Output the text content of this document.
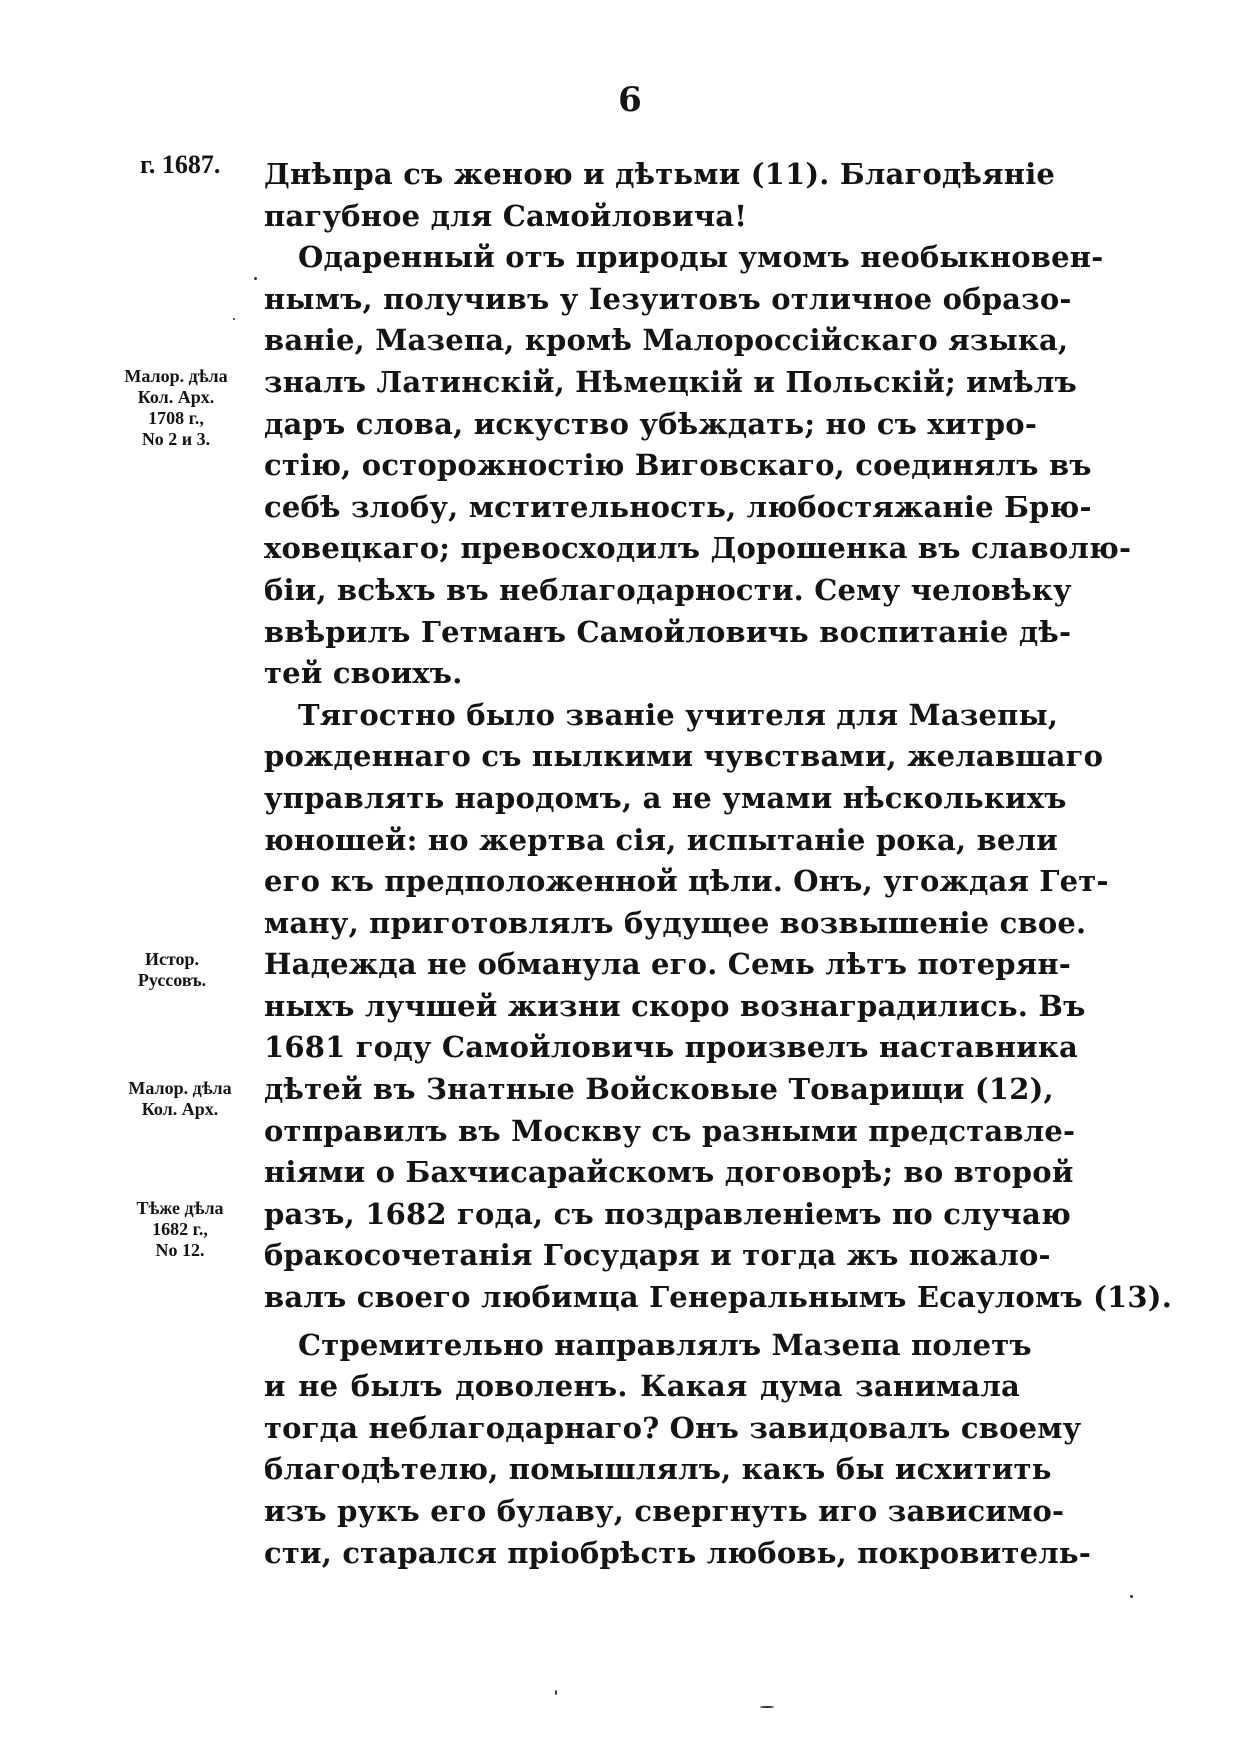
6
г. 1687.
Малор. дѣла
Кол. Арх.
1708 г.,
No 2 и 3.
Истор.
Руссовъ.
Малор. дѣла
Кол. Арх.
Тѣже дѣла
1682 г.,
No 12.
Днѣпра съ женою и дѣтьми (11). Благодѣяніе
пагубное для Самойловича!
Одаренный отъ природы умомъ необыкновен-
нымъ, получивъ у Іезуитовъ отличное образо-
ваніе, Мазепа, кромѣ Малороссійскаго языка,
зналъ Латинскій, Нѣмецкій и Польскій; имѣлъ
даръ слова, искуство убѣждать; но съ хитро-
стію, осторожностію Виговскаго, соединялъ въ
себѣ злобу, мстительность, любостяжаніе Брю-
ховецкаго; превосходилъ Дорошенка въ славолю-
біи, всѣхъ въ неблагодарности. Сему человѣку
ввѣрилъ Гетманъ Самойловичь воспитаніе дѣ-
тей своихъ.
Тягостно было званіе учителя для Мазепы,
рожденнаго съ пылкими чувствами, желавшаго
управлять народомъ, а не умами нѣсколькихъ
юношей: но жертва сія, испытаніе рока, вели
его къ предположенной цѣли. Онъ, угождая Гет-
ману, приготовлялъ будущее возвышеніе свое.
Надежда не обманула его. Семь лѣтъ потерян-
ныхъ лучшей жизни скоро вознаградились. Въ
1681 году Самойловичь произвелъ наставника
дѣтей въ Знатные Войсковые Товарищи (12),
отправилъ въ Москву съ разными представле-
ніями о Бахчисарайскомъ договорѣ; во второй
разъ, 1682 года, съ поздравленіемъ по случаю
бракосочетанія Государя и тогда жъ пожало-
валъ своего любимца Генеральнымъ Есауломъ (13).
Стремительно направлялъ Мазепа полетъ
и не былъ доволенъ. Какая дума занимала
тогда неблагодарнаго? Онъ завидовалъ своему
благодѣтелю, помышлялъ, какъ бы исхитить
изъ рукъ его булаву, свергнуть иго зависимо-
сти, старался пріобрѣсть любовь, покровитель-
